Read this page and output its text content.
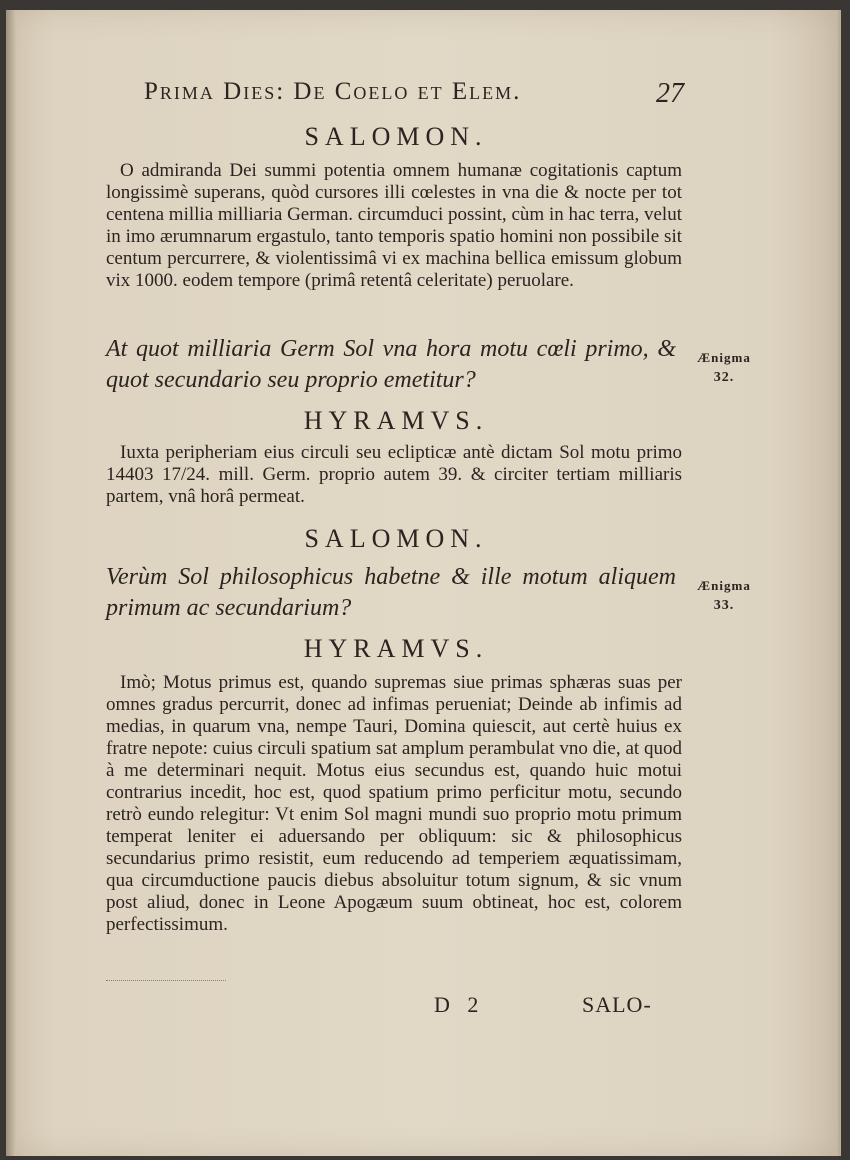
Prima Dies: De Coelo et Elem.	27
SALOMON.
O admiranda Dei summi potentia omnem humanæ cogitationis captum longissimè superans, quòd cursores illi cœlestes in vna die & nocte per tot centena millia milliaria German. circumduci possint, cùm in hac terra, velut in imo ærumnarum ergastulo, tanto temporis spatio homini non possibile sit centum percurrere, & violentissimâ vi ex machina bellica emissum globum vix 1000. eodem tempore (primâ retentâ celeritate) peruolare.
At quot milliaria Germ Sol vna hora motu cœli primo, & quot secundario seu proprio emetitur?
Ænigma
32.
HYRAMVS.
Iuxta peripheriam eius circuli seu eclipticæ antè dictam Sol motu primo 14403 17/24. mill. Germ. proprio autem 39. & circiter tertiam milliaris partem, vnâ horâ permeat.
SALOMON.
Verùm Sol philosophicus habetne & ille motum aliquem primum ac secundarium?
Ænigma
33.
HYRAMVS.
Imò; Motus primus est, quando supremas siue primas sphæras suas per omnes gradus percurrit, donec ad infimas perueniat; Deinde ab infimis ad medias, in quarum vna, nempe Tauri, Domina quiescit, aut certè huius ex fratre nepote: cuius circuli spatium sat amplum perambulat vno die, at quod à me determinari nequit. Motus eius secundus est, quando huic motui contrarius incedit, hoc est, quod spatium primo perficitur motu, secundo retrò eundo relegitur: Vt enim Sol magni mundi suo proprio motu primum temperat leniter ei aduersando per obliquum: sic & philosophicus secundarius primo resistit, eum reducendo ad temperiem æquatissimam, qua circumductione paucis diebus absoluitur totum signum, & sic vnum post aliud, donec in Leone Apogæum suum obtineat, hoc est, colorem perfectissimum.
D 2	SALO-
